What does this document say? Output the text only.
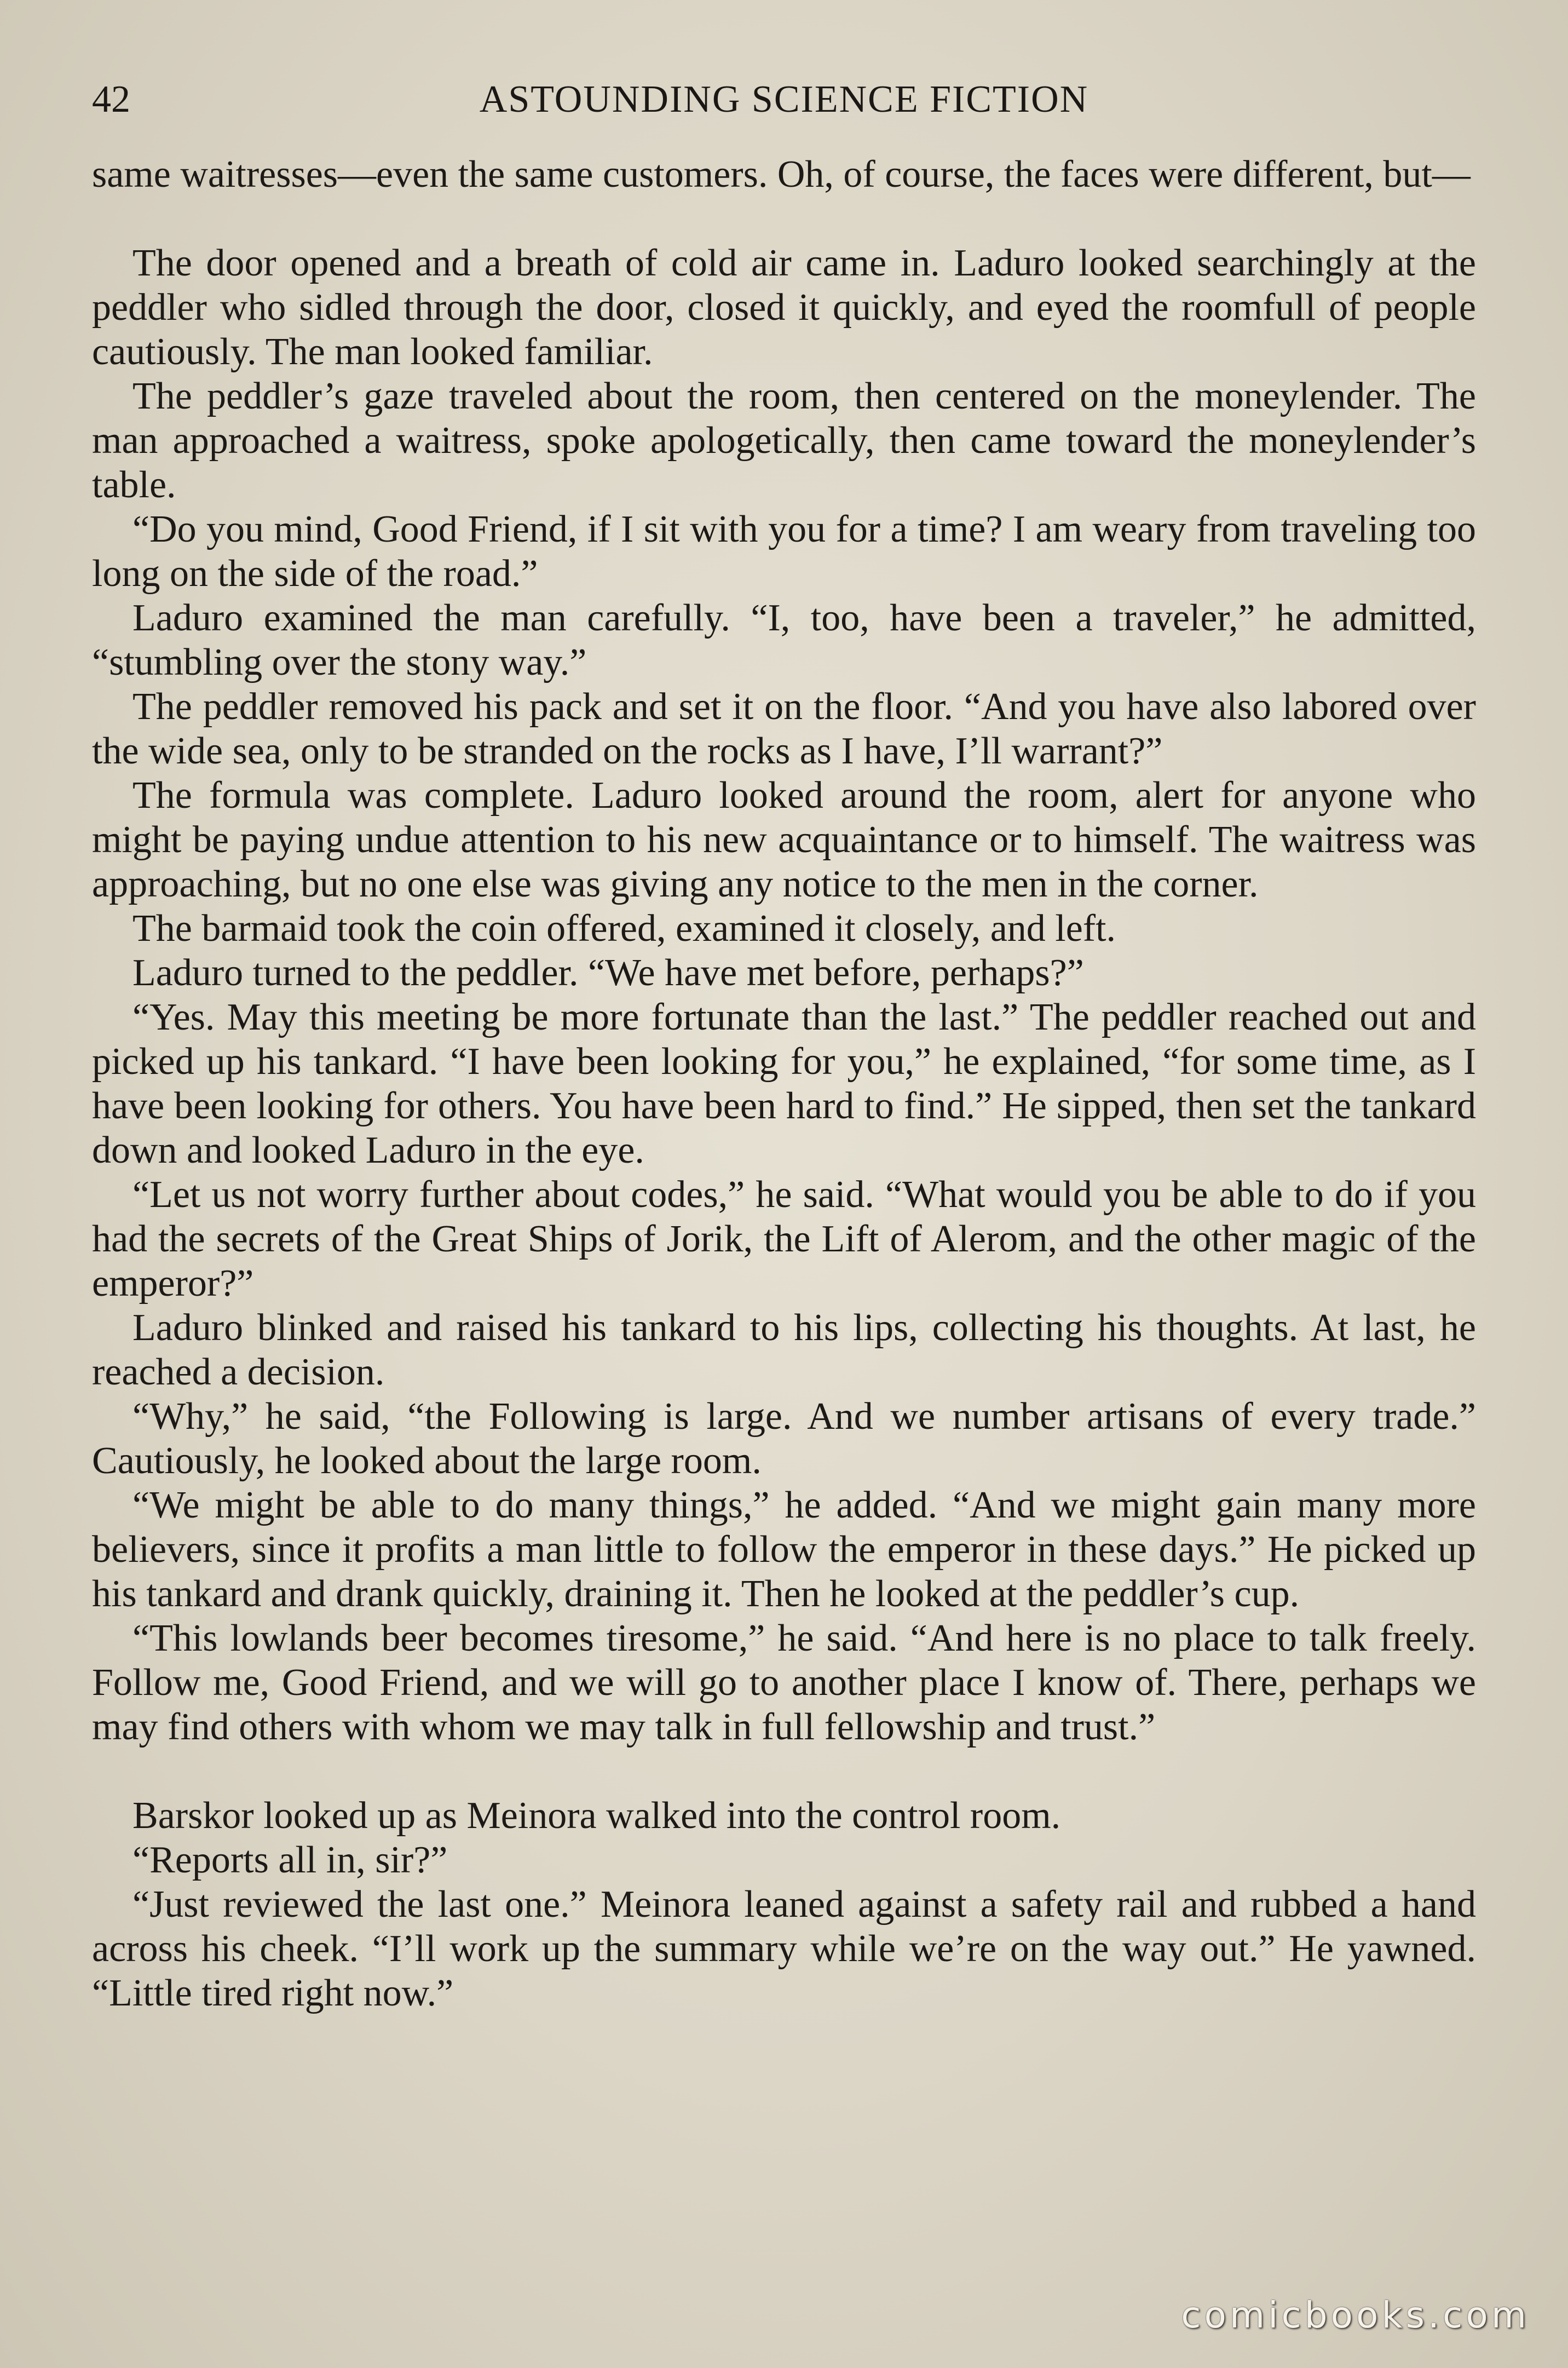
42	ASTOUNDING SCIENCE FICTION

same waitresses—even the same customers. Oh, of course, the faces were different, but—

The door opened and a breath of cold air came in. Laduro looked searchingly at the peddler who sidled through the door, closed it quickly, and eyed the roomfull of people cautiously. The man looked familiar.

The peddler’s gaze traveled about the room, then centered on the moneylender. The man approached a waitress, spoke apologetically, then came toward the moneylender’s table.

“Do you mind, Good Friend, if I sit with you for a time? I am weary from traveling too long on the side of the road.”

Laduro examined the man carefully. “I, too, have been a traveler,” he admitted, “stumbling over the stony way.”

The peddler removed his pack and set it on the floor. “And you have also labored over the wide sea, only to be stranded on the rocks as I have, I’ll warrant?”

The formula was complete. Laduro looked around the room, alert for anyone who might be paying undue attention to his new acquaintance or to himself. The waitress was approaching, but no one else was giving any notice to the men in the corner.

The barmaid took the coin offered, examined it closely, and left.

Laduro turned to the peddler. “We have met before, perhaps?”

“Yes. May this meeting be more fortunate than the last.” The peddler reached out and picked up his tankard. “I have been looking for you,” he explained, “for some time, as I have been looking for others. You have been hard to find.” He sipped, then set the tankard down and looked Laduro in the eye.

“Let us not worry further about codes,” he said. “What would you be able to do if you had the secrets of the Great Ships of Jorik, the Lift of Alerom, and the other magic of the emperor?”

Laduro blinked and raised his tankard to his lips, collecting his thoughts. At last, he reached a decision.

“Why,” he said, “the Following is large. And we number artisans of every trade.” Cautiously, he looked about the large room.

“We might be able to do many things,” he added. “And we might gain many more believers, since it profits a man little to follow the emperor in these days.” He picked up his tankard and drank quickly, draining it. Then he looked at the peddler’s cup.

“This lowlands beer becomes tiresome,” he said. “And here is no place to talk freely. Follow me, Good Friend, and we will go to another place I know of. There, perhaps we may find others with whom we may talk in full fellowship and trust.”

Barskor looked up as Meinora walked into the control room.

“Reports all in, sir?”

“Just reviewed the last one.” Meinora leaned against a safety rail and rubbed a hand across his cheek. “I’ll work up the summary while we’re on the way out.” He yawned. “Little tired right now.”

comicbooks.com
